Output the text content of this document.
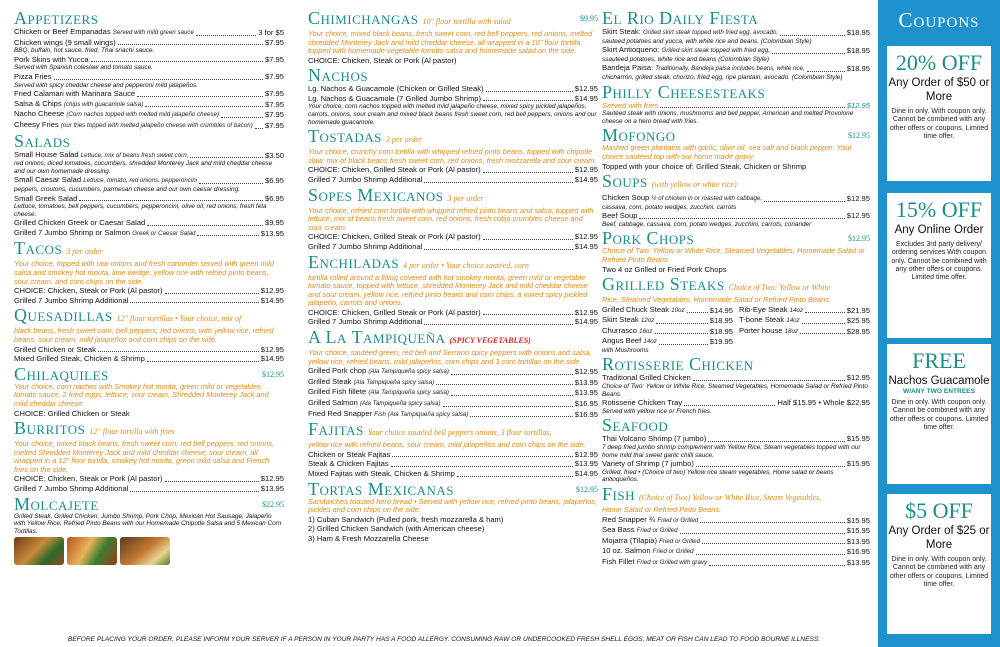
Appetizers
Chicken or Beef Empanadas Served with mild green sauce	3 for $5
Chicken wings (9 small wings)	$7.95

BBQ, buffalo, hot sauce, fried, Thai sriachi sauce.

Pork Skins with Yucca	$7.95

Served with Spanish coleslaw and tomato sauce.

Pizza Fries	$7.95

Served with spicy cheddar cheese and pepperoni mild jalapeños.

Fried Calamari with Marinara Sauce	$7.95
Salsa & Chips (chips with guacamole salsa)	$7.95
Nacho Cheese (Corn nachos topped with melted mild jalapeño cheese)	$7.95
Cheesy Fries (our fries topped with melted jalapeño cheese with crumbles of bacon) $7.95
Salads
Small House Salad Lettuce, mix of beans fresh sweet corn,	$3.50

red onions, diced tomatoes, cucumbers, shredded Monterey Jack and mild cheddar cheese and our own homemade dressing.

Small Caesar Salad Lettuce, tomato, red onions, pepperoncini	$6.95

peppers, croutons, cucumbers, parmesan cheese and our own caesar dressing.

Small Greek Salad	$6.95

Lettuce, tomatoes, bell peppers, cucumbers, pepperoncini, olive oil, red onions, fresh feta cheese.

Grilled Chicken Greek or Caesar Salad	$9.95
Grilled 7 Jumbo Shrimp or Salmon Greek or Caesar Salad	$13.95
Tacos 3 per order

Your choice, topped with raw onions and fresh coriander served with green mild salsa and smokey hot morita, lime wedge, yellow rice with refried pinto beans, sour cream, and corn chips on the side.

CHOICE: Chicken, Steak or Pork (Al pastor)	$12.95
Grilled 7 Jumbo Shrimp Additional	$14.95
Quesadillas 12" flour tortillas • Your choice, mix of

black beans, fresh sweet corn, bell peppers, red onions, with yellow rice, refried beans, sour cream, mild jalapeños and corn chips on the side.

Grilled Chicken or Steak	$12.95
Mixed Grilled Steak, Chicken & Shrimp	$14.95
Chilaquiles	$12.95

Your choice, corn nachos with Smokey hot morita, green mild or vegetables tomato sauce, 2 fried eggs, lettuce, sour cream, Shredded Monterey Jack and mild cheddar cheese.

CHOICE: Grilled Chicken or Steak

Burritos 12" flour tortilla with fries

Your choice, mixed black beans, fresh sweet corn, red bell peppers, red onions, melted Shredded Monterey Jack and mild cheddar cheese, sour cream, all wrapped in a 12" flour tortilla, smokey hot morita, green mild salsa and French fries on the side.

CHOICE: Chicken, Steak or Pork (Al pastor)	$12.95
Grilled 7 Jumbo Shrimp Additional	$13.95
Molcajete	$22.95

Grilled Steak, Grilled Chicken, Jumbo Shrimp, Pork Chop, Mexican Hot Sausage, Jalapeño with Yellow Rice, Refried Pinto Beans with our Homemade Chipotle Salsa and 5 Mexican Corn Tortillas.

Chimichangas 10" flour tortilla with salad	$9.95

Your choice, mixed black beans, fresh sweet corn, red bell peppers, red onions, melted shredded Monterey Jack and mild cheddar cheese, all wrapped in a 10" flour tortilla topped with homemade vegetable tomato salsa and homemade salad on the side.

CHOICE: Chicken, Steak or Pork (Al pastor)

Nachos
Lg. Nachos & Guacamole (Chicken or Grilled Steak)	$12.95
Lg. Nachos & Guacamole (7 Grilled Jumbo Shrimp)	$14.95

Your choice, corn nachos topped with melted mild jalapeño cheese, mixed spicy pickled jalapeños, carrots, onions, sour cream and mixed black beans fresh sweet corn, red bell peppers, onions and our homemade guacamole.

Tostadas 3 per order

Your choice, crunchy corn tortilla with whipped refried pinto beans, topped with chipotle slaw, mix of black beans fresh sweet corn, red onions, fresh mozzarella and sour cream.

CHOICE: Chicken, Grilled Steak or Pork (Al pastor)	$12.95
Grilled 7 Jumbo Shrimp Additional	$14.95
Sopes Mexicanos 3 per order

Your choice, refried corn tortilla with whipped refried pinto beans and salsa, topped with lettuce, mix of beans fresh sweet corn, red onions, fresh cotija crumbles cheese and sour cream.

CHOICE: Chicken, Grilled Steak or Pork (Al pastor)	$12.95
Grilled 7 Jumbo Shrimp Additional	$14.95
Enchiladas 4 per order • Your choice sautéed, corn

tortilla rolled around a filling covered with hot smokey morita, green mild or vegetable tomato sauce, topped with lettuce, shredded Monterey Jack and mild cheddar cheese and sour cream, yellow rice, refried pinto beans and corn chips, a mixed spicy pickled jalapeño, carrots and onions.

CHOICE: Chicken, Grilled Steak or Pork (Al pastor)	$12.95
Grilled 7 Jumbo Shrimp Additional	$14.95
A La Tampiqueña (SPICY VEGETABLES)

Your choice, sautéed green, red bell and Serrano spicy peppers with onions and salsa, yellow rice, refried beans, mild jalapeños, corn chips and 3 corn tortillas on the side.

Grilled Pork chop (Ala Tampiqueña spicy salsa)	$12.95
Grilled Steak (Ala Tampiqueña spicy salsa)	$13.95
Grilled Fish fillete (Ala Tampiqueña spicy salsa)	$13.95
Grilled Salmon (Ala Tampiqueña spicy salsa)	$16.95
Fried Red Snapper Fish (Ala Tampiqueña spicy salsa)	$16.95
Fajitas Your choice sautéed bell peppers onions, 3 flour tortillas,

yellow rice with refried beans, sour cream, mild jalapeños and corn chips on the side.

Chicken or Steak Fajitas	$12.95
Steak & Chicken Fajitas	$13.95
Mixed Fajitas with Steak, Chicken & Shrimp	$14.95
Tortas Mexicanas	$12.95

Sandwiches toasted hero bread • Served with yellow rice, refried pinto beans, jalapeños, pickles and corn chips on the side.

1) Cuban Sandwich (Pulled pork, fresh mozzarella & ham)

2) Grilled Chicken Sandwich (with American cheese)

3) Ham & Fresh Mozzarella Cheese

El Rio Daily Fiesta
Skirt Steak: Grilled skirt steak topped with fried egg, avocado,	$18.95

sauteed potatoes and yucca, with white rice and beans. (Colombian Style)

Skirt Antioqueno: Grilled skirt steak topped with fried egg,	$18.95

ssauteed potatoes, white rice and beans (Colombian Style)

Bandeja Paisa: Traditionally, Bandeja paisa includes beans, white rice,	$18.95

chicharrón, grilled steak, chorizo, fried egg, ripe plantain, avocado. (Colombian Style)

Philly Cheesesteaks
Served with fries	$12.95

Sautéed steak with onions, mushrooms and bell pepper, American and melted Provolone cheese on a hero bread with fries.

Mofongo	$12.95

Mashed green plantains with garlic, olive oil, sea salt and black pepper. Your choice sautéed top with our home made gravy.

Topped with your choice of: Grilled Steak, Chicken or Shrimp

Soups (with yellow or white rice)
Chicken Soup ½ of chicken in or roasted with cabbage,	$12.95

cassava, corn, potato wedges, zucchini, carrots

Beef Soup	$12.95

Beef, cabbage, cassava, corn, potato wedges, zucchini, carrots, coriander

Pork Chops	$12.95

Choice of Two: Yellow or White Rice, Steamed Vegetables, Homemade Salad or Refried Pinto Beans.

Two 4 oz Grilled or Fried Pork Chops

Grilled Steaks Choice of Two: Yellow or White

Rice, Steamed Vegetables, Homemade Salad or Refried Pinto Beans.

Grilled Chuck Steak 10oz	$14.95
Skirt Steak 12oz	$18.95
Churrasco 16oz	$18.95
Angus Beef 14oz	$19.95

with Mushrooms

Rib-Eye Steak 14oz	$21.95
T-bone Steak 14oz	$25.95
Porter house 18oz	$28.95
Rotisserie Chicken
Traditional Grilled Chicken	$12.95

Choice of Two: Yellow or White Rice, Steamed Vegetables, Homemade Salad or Refried Pinto Beans.

Rotisserie Chicken Tray	Half $15.95 • Whole $22.95

Served with yellow rice or French fries.

Seafood
Thai Volcano Shrimp (7 jumbo)	$15.95

7 deep fried jumbo shrimp complement with Yellow Rice, Steam vegetables topped with our home mild thai sweet garlic chilli sauce.

Variety of Shrimp (7 jumbo)	$15.95

Grilled, fried • (Choice of two) Yellow rice steam vegetables, Home salad or beans antioqueños.

Fish (Choice of Two) Yellow or White Rice, Steam Vegetables,

Home Salad or Refried Pinto Beans.

Red Snapper ¾ Fried or Grilled	$15.95
Sea Bass Fried or Grilled	$15.95
Mojarra (Tilapia) Fried or Grilled	$13.95
10 oz. Salmon Fried or Grilled	$16.95
Fish Fillet Fried or Grilled with gravy	$13.95
BEFORE PLACING YOUR ORDER, PLEASE INFORM YOUR SERVER IF A PERSON IN YOUR PARTY HAS A FOOD ALLERGY. CONSUMING RAW OR UNDERCOOKED FRESH SHELL EGGS, MEAT OR FISH CAN LEAD TO FOOD BOURNE ILLNESS.
Coupons
20% OFF
Any Order of $50 or More
Dine in only. With coupon only. Cannot be combined with any other offers or coupons. Limited time offer.
15% OFF
Any Online Order
Excludes 3rd party delivery/ ordering services With coupon only. Cannot be combined with any other offers or coupons. Limited time offer.
FREE
Nachos Guacamole
W/ANY TWO ENTREES
Dine in only. With coupon only. Cannot be combined with any other offers or coupons. Limited time offer.
$5 OFF
Any Order of $25 or More
Dine in only. With coupon only. Cannot be combined with any other offers or coupons. Limited time offer.
